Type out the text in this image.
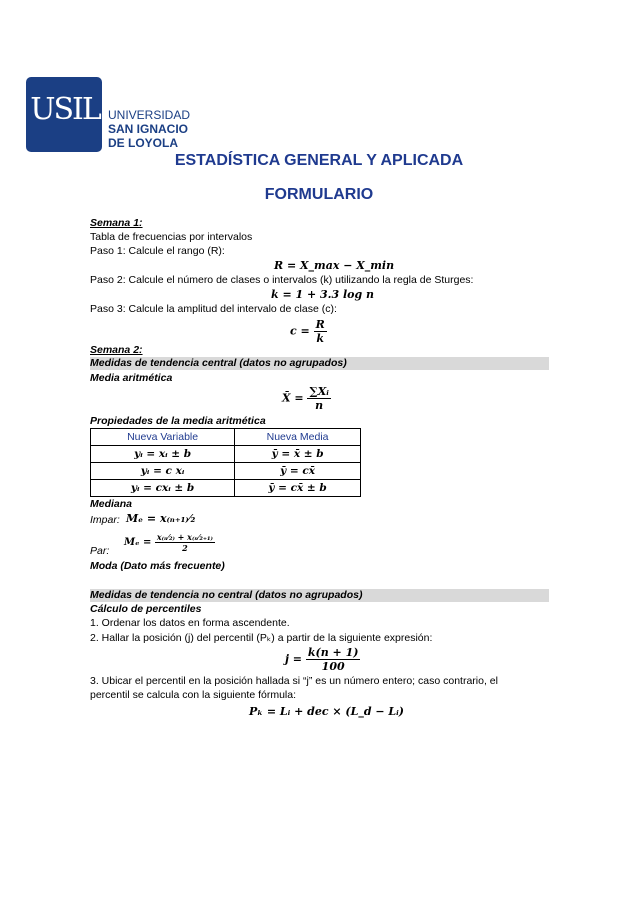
USIL UNIVERSIDAD
SAN IGNACIO
DE LOYOLA
ESTADÍSTICA GENERAL Y APLICADA
FORMULARIO
Semana 1:
Tabla de frecuencias por intervalos
Paso 1: Calcule el rango (R):
R = X_max − X_min
Paso 2: Calcule el número de clases o intervalos (k) utilizando la regla de Sturges:
k = 1 + 3.3 log n
Paso 3: Calcule la amplitud del intervalo de clase (c):
$c = \frac{R}{k}$
Semana 2:
Medidas de tendencia central (datos no agrupados)
Media aritmética
X̄ = $\frac{\text{∑Xᵢ}}{n}$
Propiedades de la media aritmética
Nueva Variable	Nueva Media
yᵢ = xᵢ ± b	ȳ = x̄ ± b
yᵢ = c xᵢ	ȳ = cx̄
yᵢ = cxᵢ ± b	ȳ = cx̄ ± b
Mediana
Impar: Mₑ = x₍ₙ₊₁₎⁄₂
Par:
$M_e = \frac{\text{x₍ₙ⁄₂₎ + x₍ₙ⁄₂₊₁₎}}{2}$
Moda (Dato más frecuente)
Medidas de tendencia no central (datos no agrupados)
Cálculo de percentiles
1. Ordenar los datos en forma ascendente.
2. Hallar la posición (j) del percentil (Pₖ) a partir de la siguiente expresión:
$j = \frac{k(n + 1)}{100}$
3. Ubicar el percentil en la posición hallada si “j” es un número entero; caso contrario, el
percentil se calcula con la siguiente fórmula:
Pₖ = Lᵢ + dec × (L_d − Lᵢ)
